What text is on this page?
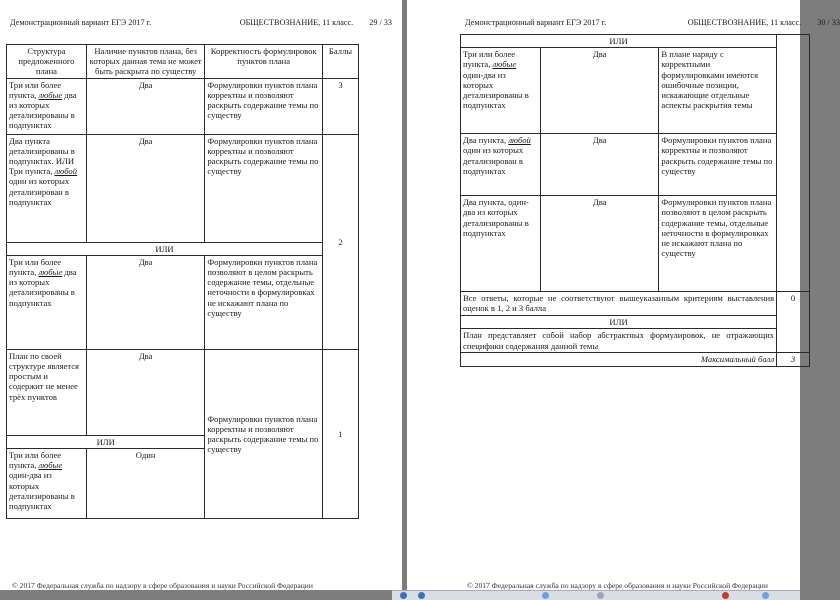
Демонстрационный вариант ЕГЭ 2017 г.	ОБЩЕСТВОЗНАНИЕ, 11 класс. 29 / 33
Структура предложенного плана	Наличие пунктов плана, без которых данная тема не может быть раскрыта по существу	Корректность формулировок пунктов плана	Баллы
Три или более пункта, любые два из которых детализированы в подпунктах	Два	Формулировки пунктов плана корректны и позволяют раскрыть содержание темы по существу	3
Два пункта детализированы в подпунктах. ИЛИ Три пункта, любой один из которых детализирован в подпунктах	Два	Формулировки пунктов плана корректны и позволяют раскрыть содержание темы по существу	2
ИЛИ			
Три или более пункта, любые два из которых детализированы в подпунктах	Два	Формулировки пунктов плана позволяют в целом раскрыть содержание темы, отдельные неточности в формулировках не искажают плана по существу	
План по своей структуре является простым и содержит не менее трёх пунктов	Два	Формулировки пунктов плана корректны и позволяют раскрыть содержание темы по существу	1
ИЛИ			
Три или более пункта, любые один-два из которых детализированы в подпунктах	Один		
© 2017 Федеральная служба по надзору в сфере образования и науки Российской Федерации
Демонстрационный вариант ЕГЭ 2017 г.	ОБЩЕСТВОЗНАНИЕ, 11 класс. 30 / 33
ИЛИ			
Три или более пункта, любые один-два из которых детализированы в подпунктах	Два	В плане наряду с корректными формулировками имеются ошибочные позиции, искажающие отдельные аспекты раскрытия темы	
Два пункта, любой один из которых детализирован в подпунктах	Два	Формулировки пунктов плана корректны и позволяют раскрыть содержание темы по существу	
Два пункта, один-два из которых детализированы в подпунктах	Два	Формулировки пунктов плана позволяют в целом раскрыть содержание темы, отдельные неточности в формулировках не искажают плана по существу	
Все ответы, которые не соответствуют вышеуказанным критериям выставления оценок в 1, 2 и 3 балла			0
ИЛИ			
План представляет собой набор абстрактных формулировок, не отражающих специфики содержания данной темы			
Максимальный балл			3
© 2017 Федеральная служба по надзору в сфере образования и науки Российской Федерации
